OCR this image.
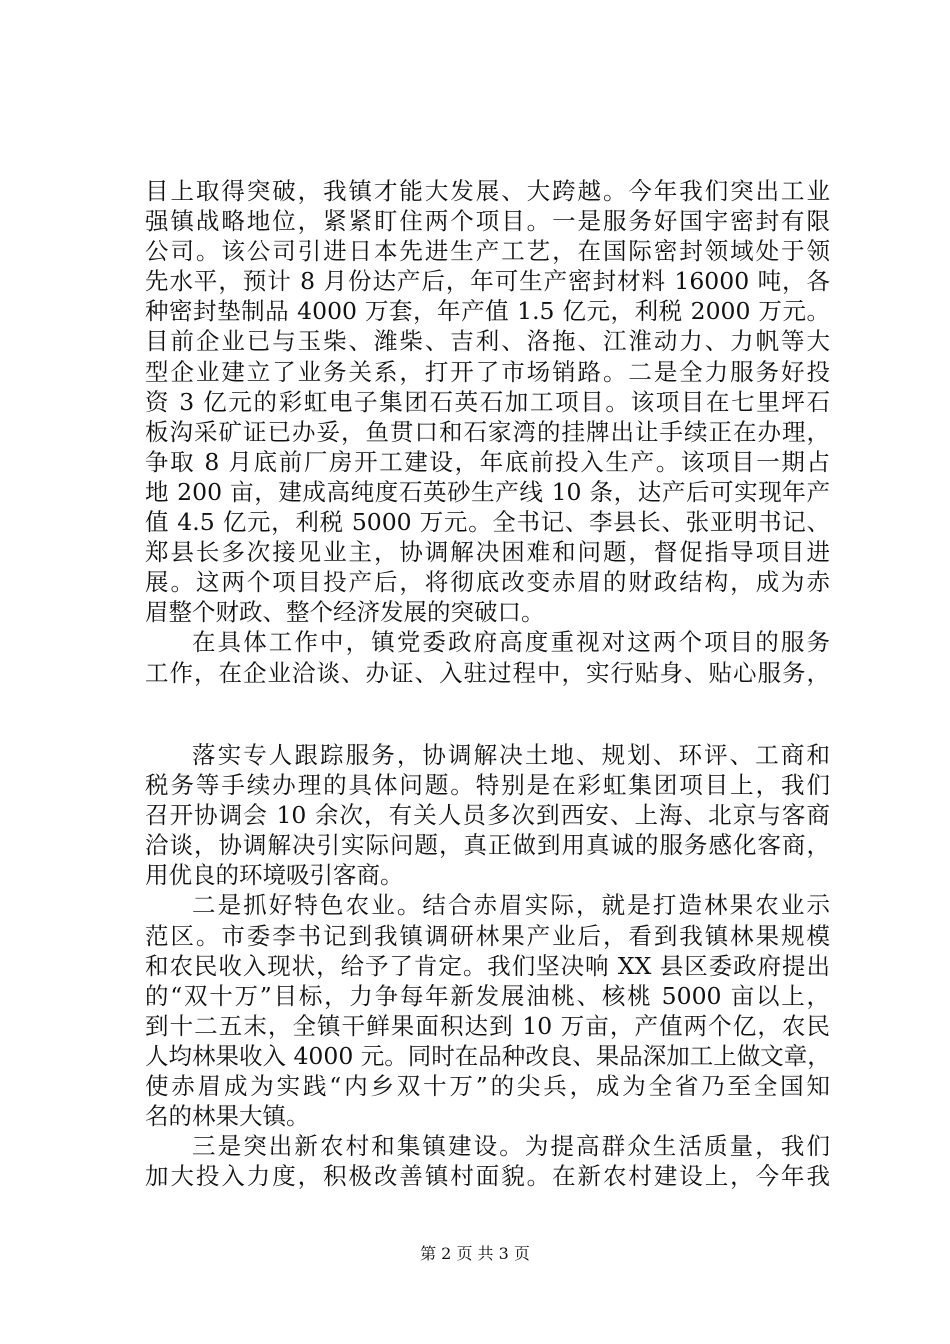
目上取得突破，我镇才能大发展、大跨越。今年我们突出工业
强镇战略地位，紧紧盯住两个项目。一是服务好国宇密封有限
公司。该公司引进日本先进生产工艺，在国际密封领域处于领
先水平，预计 8 月份达产后，年可生产密封材料 16000 吨，各
种密封垫制品 4000 万套，年产值 1.5 亿元，利税 2000 万元。
目前企业已与玉柴、潍柴、吉利、洛拖、江淮动力、力帆等大
型企业建立了业务关系，打开了市场销路。二是全力服务好投
资 3 亿元的彩虹电子集团石英石加工项目。该项目在七里坪石
板沟采矿证已办妥，鱼贯口和石家湾的挂牌出让手续正在办理，
争取 8 月底前厂房开工建设，年底前投入生产。该项目一期占
地 200 亩，建成高纯度石英砂生产线 10 条，达产后可实现年产
值 4.5 亿元，利税 5000 万元。全书记、李县长、张亚明书记、
郑县长多次接见业主，协调解决困难和问题，督促指导项目进
展。这两个项目投产后，将彻底改变赤眉的财政结构，成为赤
眉整个财政、整个经济发展的突破口。
在具体工作中，镇党委政府高度重视对这两个项目的服务
工作，在企业洽谈、办证、入驻过程中，实行贴身、贴心服务，
落实专人跟踪服务，协调解决土地、规划、环评、工商和
税务等手续办理的具体问题。特别是在彩虹集团项目上，我们
召开协调会 10 余次，有关人员多次到西安、上海、北京与客商
洽谈，协调解决引实际问题，真正做到用真诚的服务感化客商，
用优良的环境吸引客商。
二是抓好特色农业。结合赤眉实际，就是打造林果农业示
范区。市委李书记到我镇调研林果产业后，看到我镇林果规模
和农民收入现状，给予了肯定。我们坚决响 XX 县区委政府提出
的“双十万”目标，力争每年新发展油桃、核桃 5000 亩以上，
到十二五末，全镇干鲜果面积达到 10 万亩，产值两个亿，农民
人均林果收入 4000 元。同时在品种改良、果品深加工上做文章，
使赤眉成为实践“内乡双十万”的尖兵，成为全省乃至全国知
名的林果大镇。
三是突出新农村和集镇建设。为提高群众生活质量，我们
加大投入力度，积极改善镇村面貌。在新农村建设上，今年我
第 2 页 共 3 页
